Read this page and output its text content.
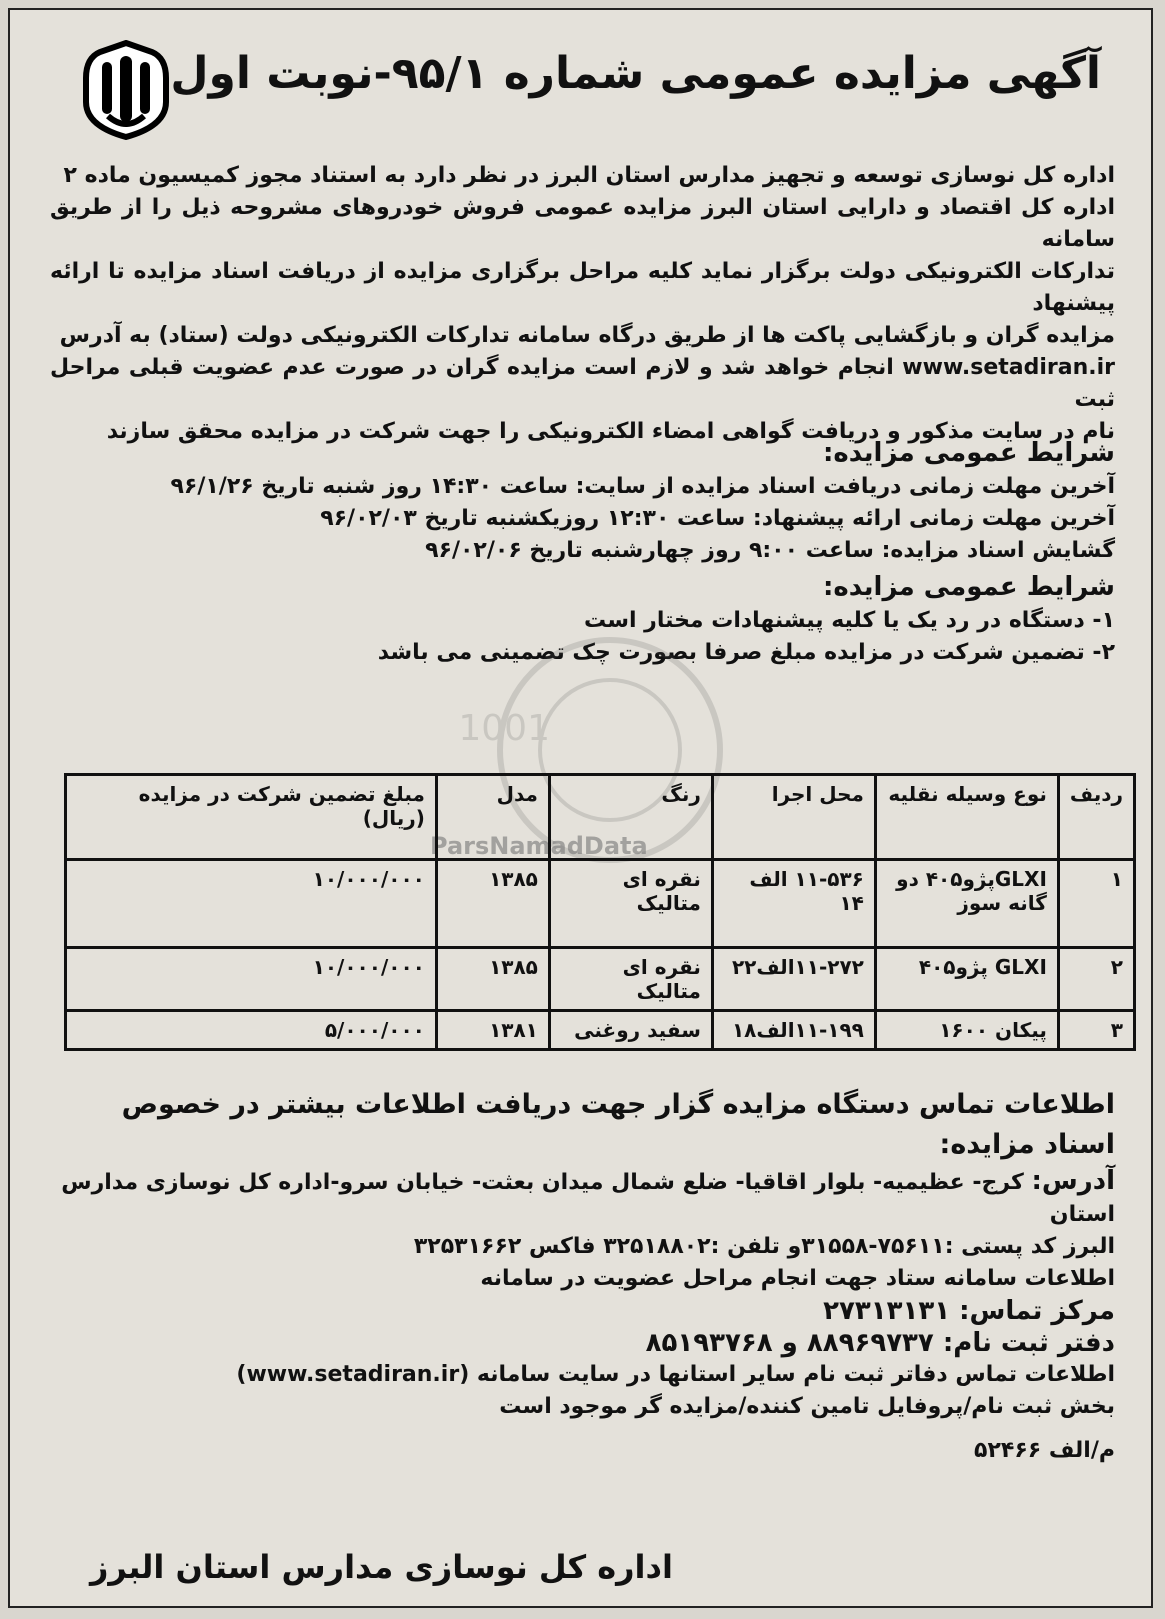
آگهی مزایده عمومی شماره ۹۵/۱-نوبت اول

اداره کل نوسازی توسعه و تجهیز مدارس استان البرز در نظر دارد به استناد مجوز کمیسیون ماده ۲

اداره کل اقتصاد و دارایی استان البرز مزایده عمومی فروش خودروهای مشروحه ذیل را از طریق سامانه

تدارکات الکترونیکی دولت برگزار نماید کلیه مراحل برگزاری مزایده از دریافت اسناد مزایده تا ارائه پیشنهاد

مزایده گران و بازگشایی پاکت ها از طریق درگاه سامانه تدارکات الکترونیکی دولت (ستاد) به آدرس

www.setadiran.ir انجام خواهد شد و لازم است مزایده گران در صورت عدم عضویت قبلی مراحل ثبت

نام در سایت مذکور و دریافت گواهی امضاء الکترونیکی را جهت شرکت در مزایده محقق سازند

شرایط عمومی مزایده:

آخرین مهلت زمانی دریافت اسناد مزایده از سایت: ساعت ۱۴:۳۰ روز شنبه تاریخ ۹۶/۱/۲۶

آخرین مهلت زمانی ارائه پیشنهاد: ساعت ۱۲:۳۰ روزیکشنبه تاریخ ۹۶/۰۲/۰۳

گشایش اسناد مزایده: ساعت ۹:۰۰ روز چهارشنبه تاریخ ۹۶/۰۲/۰۶

شرایط عمومی مزایده:

۱- دستگاه در رد یک یا کلیه پیشنهادات مختار است

۲- تضمین شرکت در مزایده مبلغ صرفا بصورت چک تضمینی می باشد

1001
ParsNamadData
ردیف	نوع وسیله نقلیه	محل اجرا	رنگ	مدل	مبلغ تضمین شرکت در مزایده (ریال)
۱	GLXIپژو۴۰۵ دو گانه سوز	۱۱-۵۳۶ الف ۱۴	نقره ای متالیک	۱۳۸۵	۱۰/۰۰۰/۰۰۰
۲	GLXI پژو۴۰۵	۱۱-۲۷۲الف۲۲	نقره ای متالیک	۱۳۸۵	۱۰/۰۰۰/۰۰۰
۳	پیکان ۱۶۰۰	۱۱-۱۹۹الف۱۸	سفید روغنی	۱۳۸۱	۵/۰۰۰/۰۰۰
اطلاعات تماس دستگاه مزایده گزار جهت دریافت اطلاعات بیشتر در خصوص اسناد مزایده:

آدرس: کرج- عظیمیه- بلوار اقاقیا- ضلع شمال میدان بعثت- خیابان سرو-اداره کل نوسازی مدارس استان

البرز کد پستی :۷۵۶۱۱-۳۱۵۵۸و تلفن :۳۲۵۱۸۸۰۲ فاکس ۳۲۵۳۱۶۶۲

اطلاعات سامانه ستاد جهت انجام مراحل عضویت در سامانه

مرکز تماس: ۲۷۳۱۳۱۳۱

دفتر ثبت نام: ۸۸۹۶۹۷۳۷ و ۸۵۱۹۳۷۶۸

اطلاعات تماس دفاتر ثبت نام سایر استانها در سایت سامانه (www.setadiran.ir)

بخش ثبت نام/پروفایل تامین کننده/مزایده گر موجود است

م/الف ۵۲۴۶۶

اداره کل نوسازی مدارس استان البرز
